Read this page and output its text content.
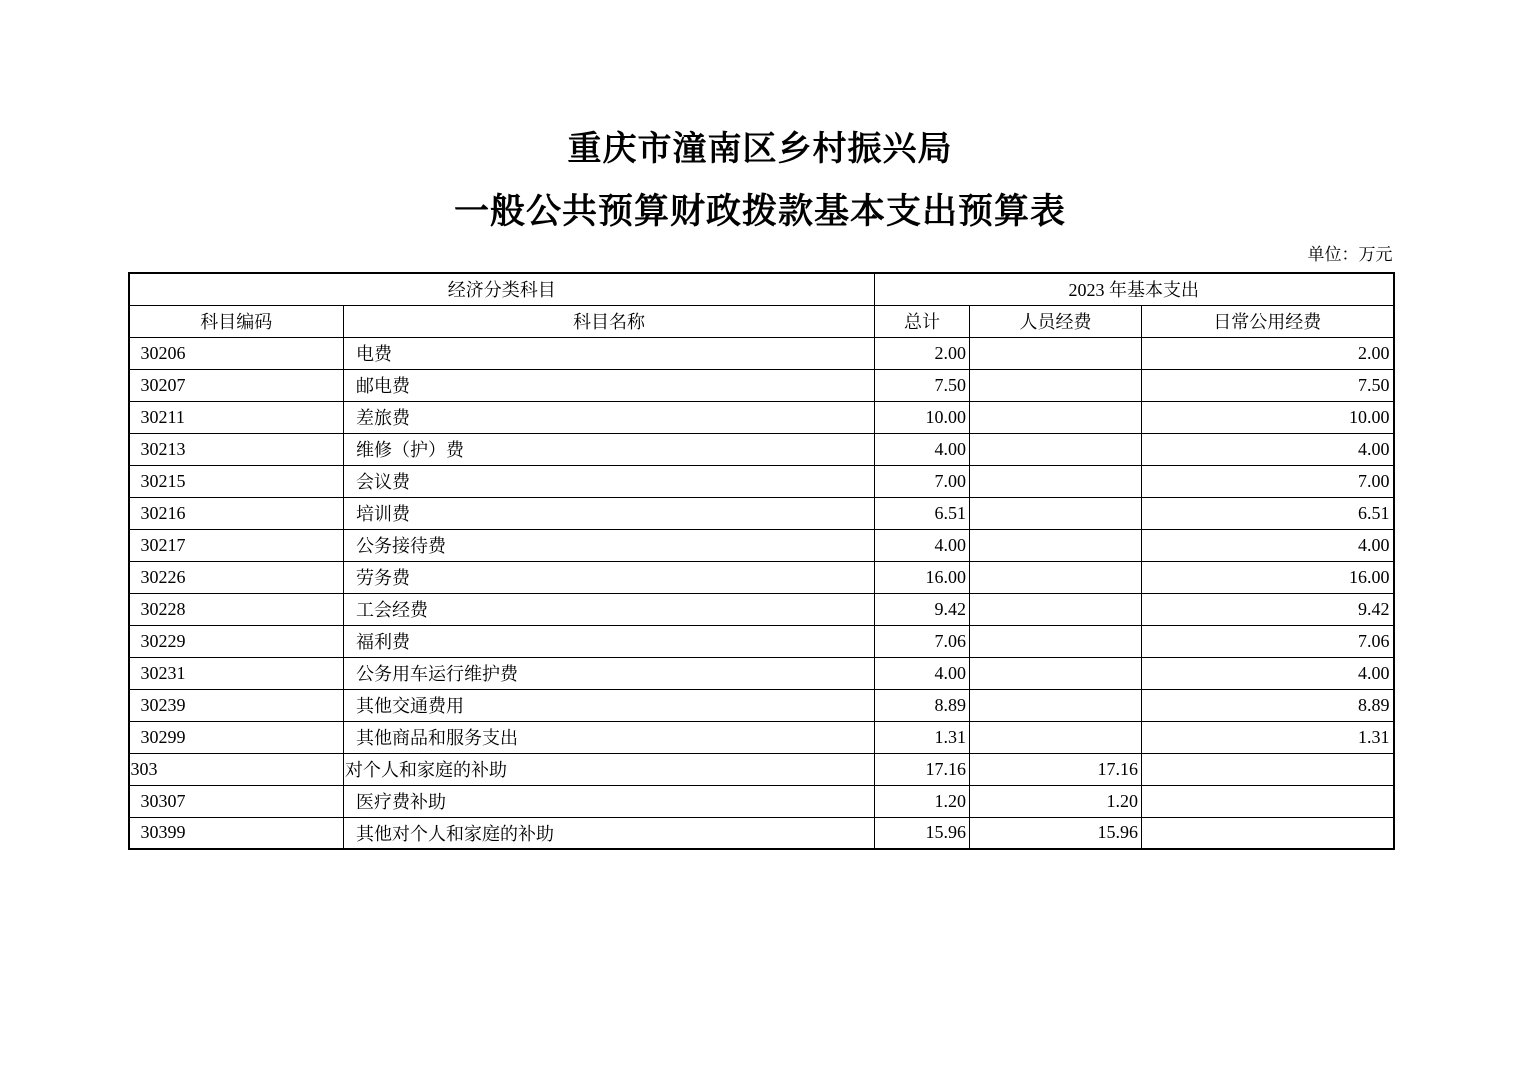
重庆市潼南区乡村振兴局
一般公共预算财政拨款基本支出预算表
单位：万元
经济分类科目		2023 年基本支出		
科目编码	科目名称	总计	人员经费	日常公用经费
30206	电费	2.00		2.00
30207	邮电费	7.50		7.50
30211	差旅费	10.00		10.00
30213	维修（护）费	4.00		4.00
30215	会议费	7.00		7.00
30216	培训费	6.51		6.51
30217	公务接待费	4.00		4.00
30226	劳务费	16.00		16.00
30228	工会经费	9.42		9.42
30229	福利费	7.06		7.06
30231	公务用车运行维护费	4.00		4.00
30239	其他交通费用	8.89		8.89
30299	其他商品和服务支出	1.31		1.31
303	对个人和家庭的补助	17.16	17.16	
30307	医疗费补助	1.20	1.20	
30399	其他对个人和家庭的补助	15.96	15.96	
